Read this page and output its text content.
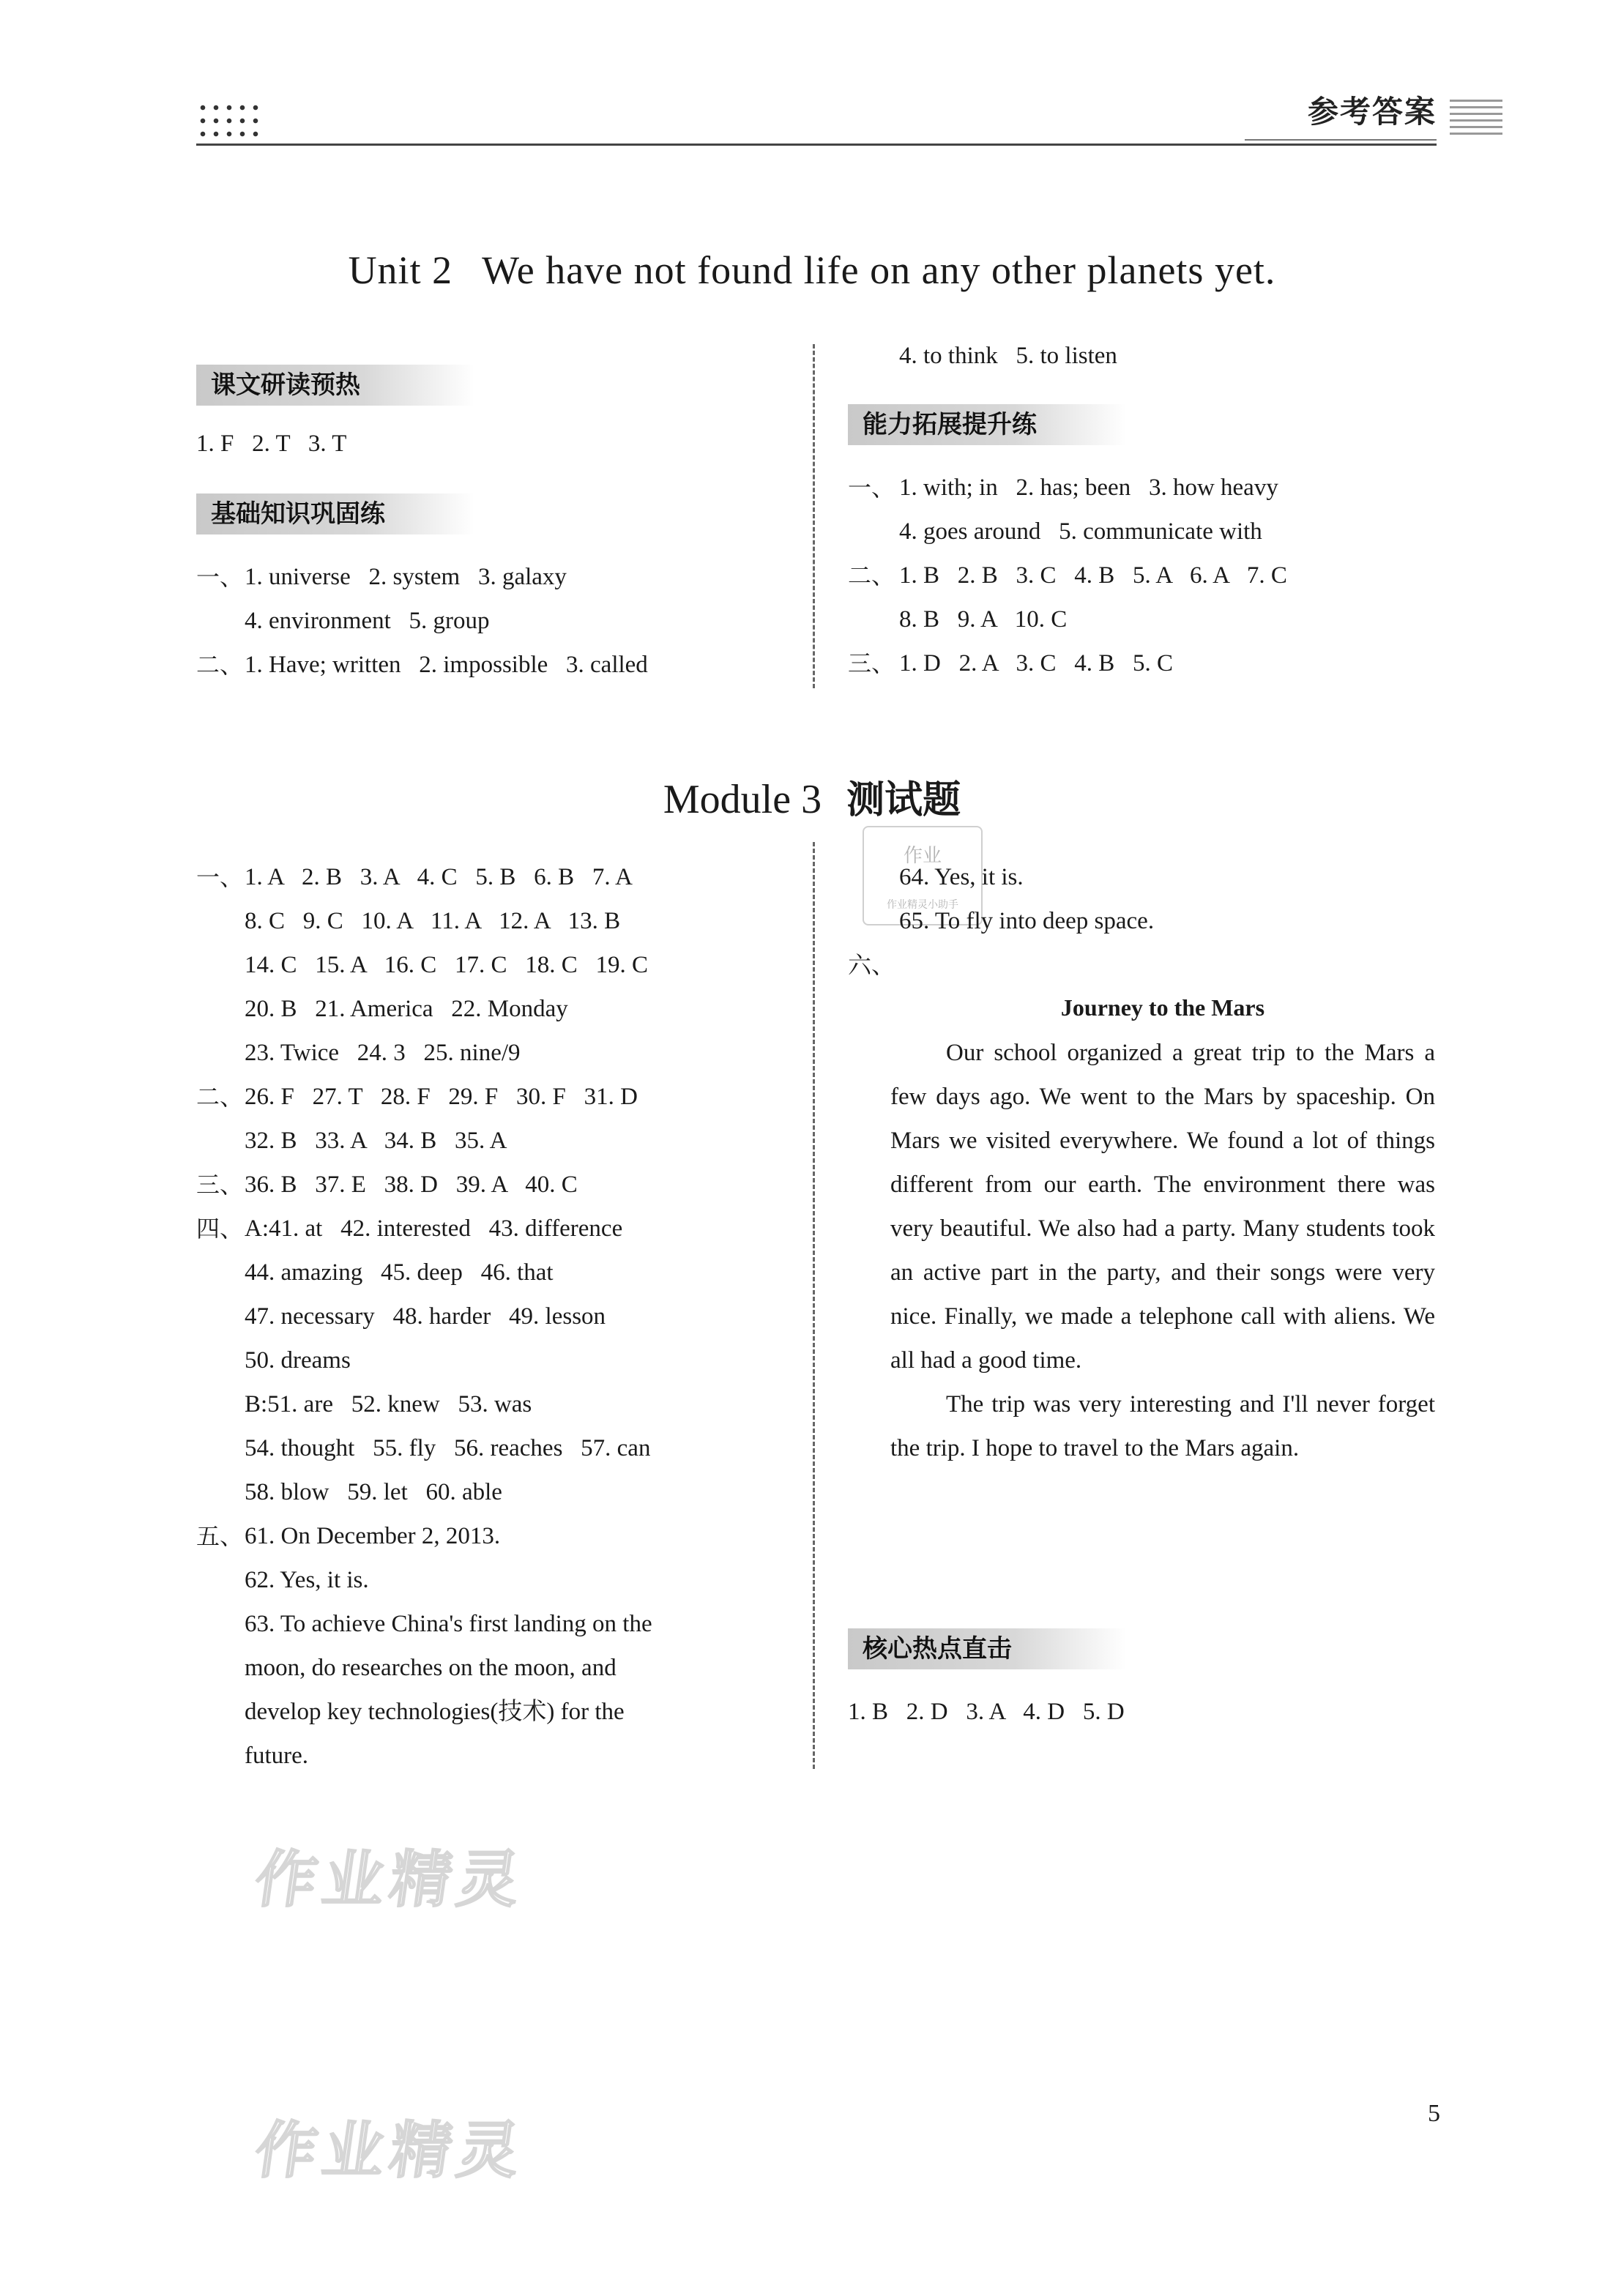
参考答案
Unit 2 We have not found life on any other planets yet.
课文研读预热
1. F   2. T   3. T
基础知识巩固练
一、 1. universe   2. system   3. galaxy
4. environment   5. group
二、 1. Have; written   2. impossible   3. called
4. to think   5. to listen
能力拓展提升练
一、 1. with; in   2. has; been   3. how heavy
4. goes around   5. communicate with
二、 1. B   2. B   3. C   4. B   5. A   6. A   7. C
8. B   9. A   10. C
三、 1. D   2. A   3. C   4. B   5. C
Module 3 测试题
一、 1. A   2. B   3. A   4. C   5. B   6. B   7. A
8. C   9. C   10. A   11. A   12. A   13. B
14. C   15. A   16. C   17. C   18. C   19. C
20. B   21. America   22. Monday
23. Twice   24. 3   25. nine/9
二、 26. F   27. T   28. F   29. F   30. F   31. D
32. B   33. A   34. B   35. A
三、 36. B   37. E   38. D   39. A   40. C
四、 A:41. at   42. interested   43. difference
44. amazing   45. deep   46. that
47. necessary   48. harder   49. lesson
50. dreams
B:51. are   52. knew   53. was
54. thought   55. fly   56. reaches   57. can
58. blow   59. let   60. able
五、 61. On December 2, 2013.
62. Yes, it is.
63. To achieve China's first landing on the
moon, do researches on the moon, and
develop key technologies(技术) for the
future.
作业
作业精灵小助手
64. Yes, it is.
65. To fly into deep space.
六、
Journey to the Mars

Our school organized a great trip to the Mars a few days ago. We went to the Mars by spaceship. On Mars we visited everywhere. We found a lot of things different from our earth. The environment there was very beautiful. We also had a party. Many students took an active part in the party, and their songs were very nice. Finally, we made a telephone call with aliens. We all had a good time.

The trip was very interesting and I'll never forget the trip. I hope to travel to the Mars again.

核心热点直击
1. B   2. D   3. A   4. D   5. D
作业精灵
作业精灵
5
